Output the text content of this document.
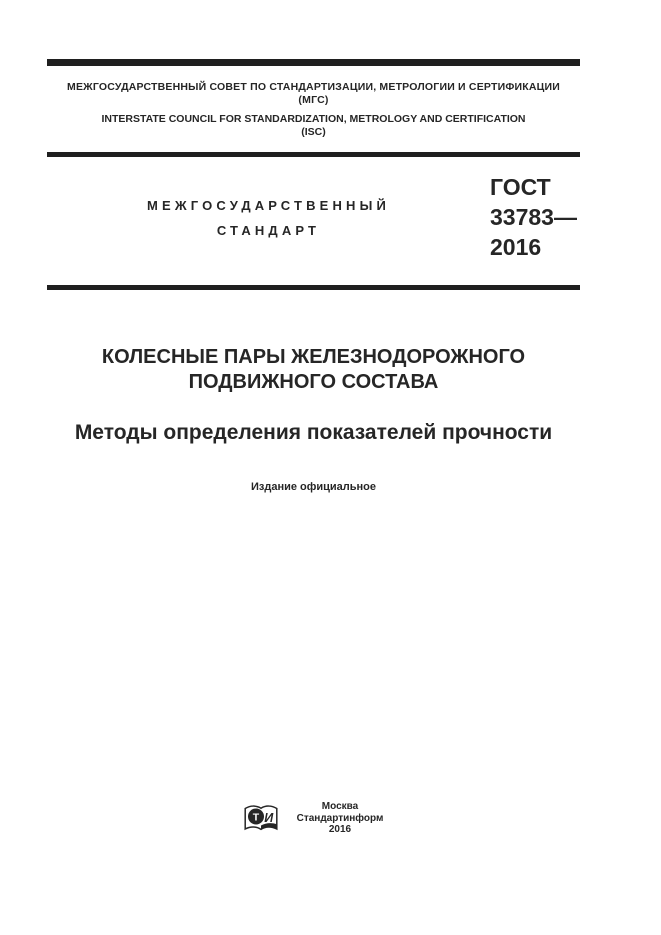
МЕЖГОСУДАРСТВЕННЫЙ СОВЕТ ПО СТАНДАРТИЗАЦИИ, МЕТРОЛОГИИ И СЕРТИФИКАЦИИ
(МГС)
INTERSTATE COUNCIL FOR STANDARDIZATION, METROLOGY AND CERTIFICATION
(ISC)
МЕЖГОСУДАРСТВЕННЫЙ
СТАНДАРТ
ГОСТ
33783—
2016
КОЛЕСНЫЕ ПАРЫ ЖЕЛЕЗНОДОРОЖНОГО
ПОДВИЖНОГО СОСТАВА
Методы определения показателей прочности
Издание официальное
Т И
Москва
Стандартинформ
2016
